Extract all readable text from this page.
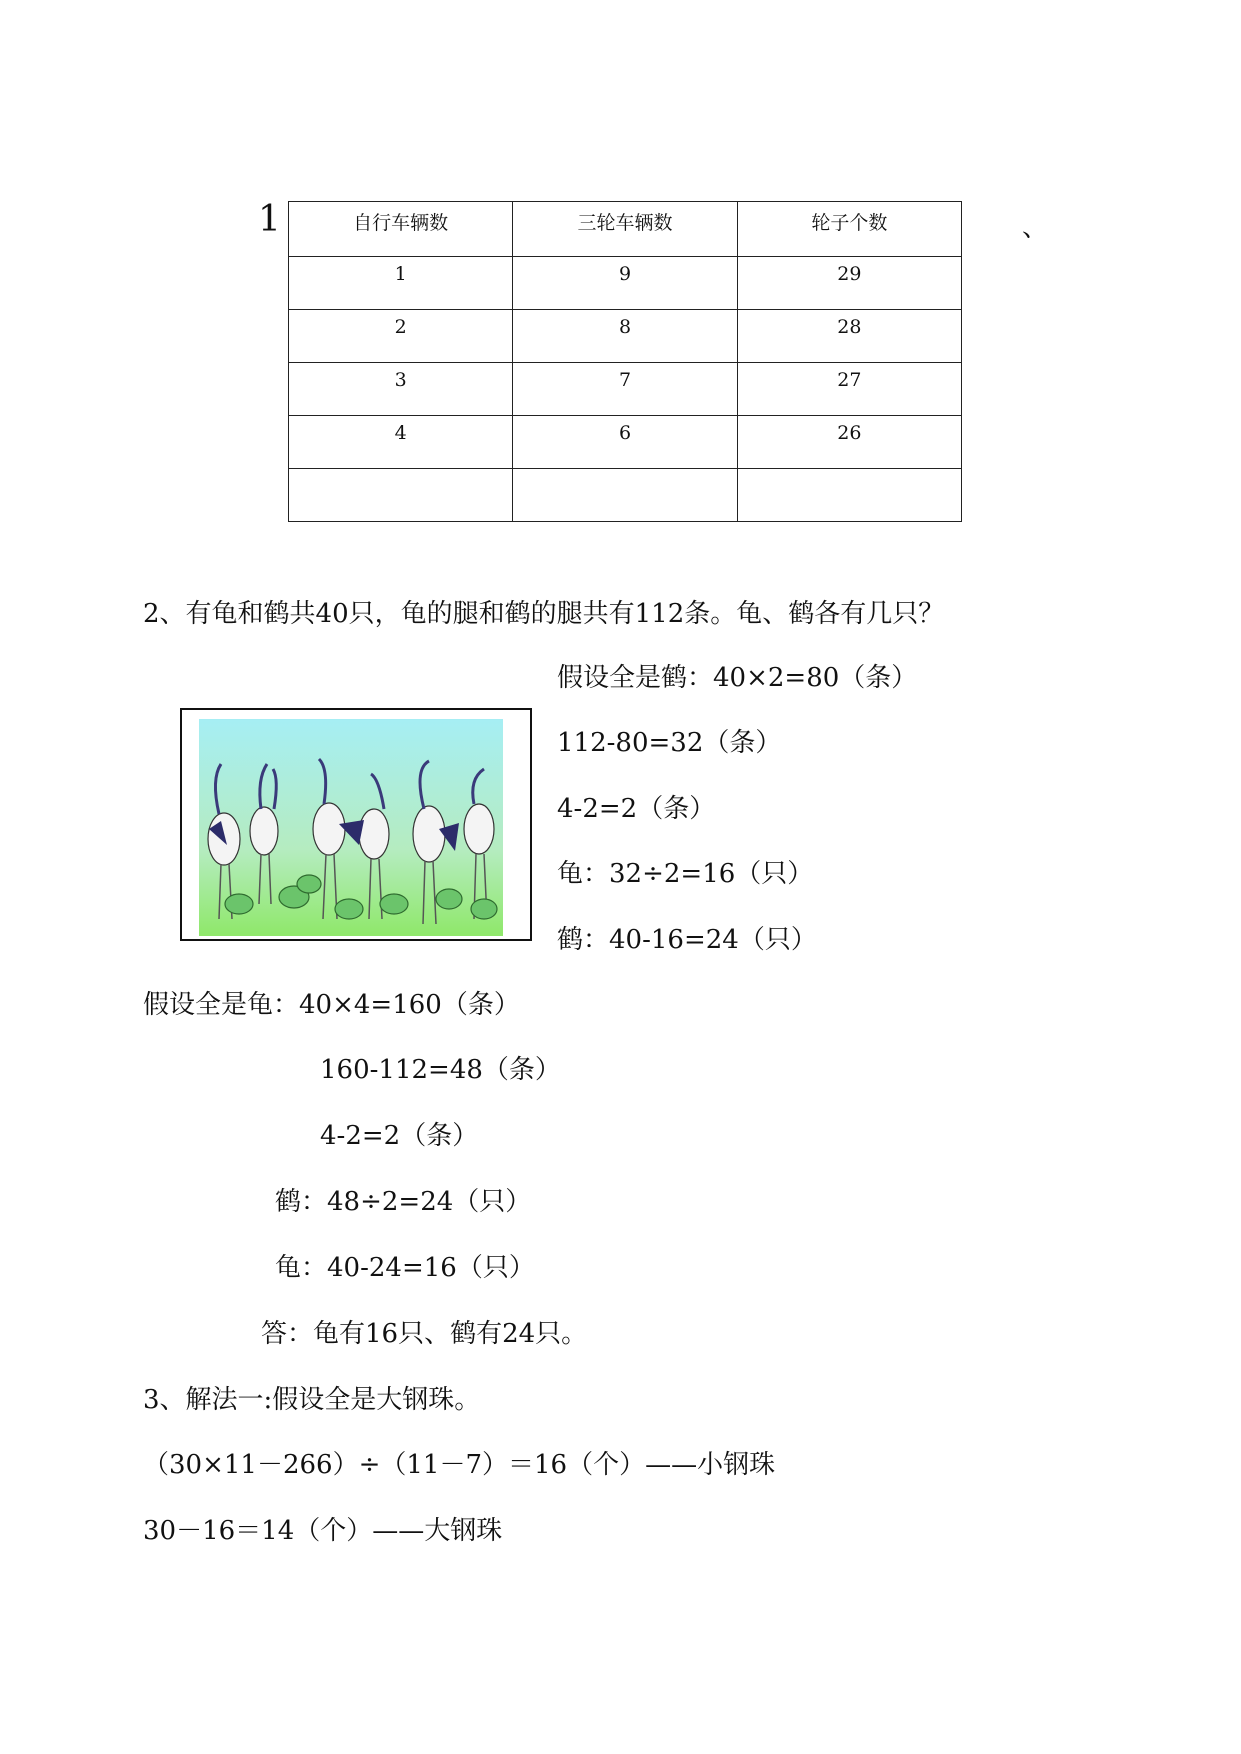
1	、
自行车辆数	三轮车辆数	轮子个数
1	9	29
2	8	28
3	7	27
4	6	26

2、有龟和鹤共40只，龟的腿和鹤的腿共有112条。龟、鹤各有几只？
假设全是鹤：40×2=80（条）
112-80=32（条）
4-2=2（条）
龟：32÷2=16（只）
鹤：40-16=24（只）
假设全是龟：40×4=160（条）
160-112=48（条）
4-2=2（条）
鹤：48÷2=24（只）
龟：40-24=16（只）
答：龟有16只、鹤有24只。
3、解法一:假设全是大钢珠。
（30×11－266）÷（11－7）＝16（个）——小钢珠
30－16＝14（个）——大钢珠
